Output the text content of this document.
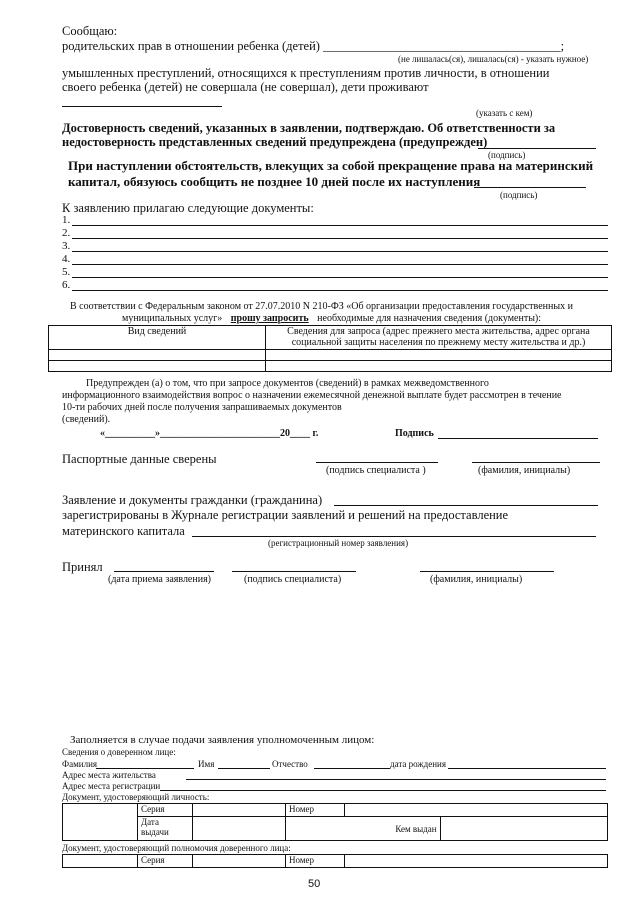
Сообщаю:
родительских прав в отношении ребенка (детей) ______________________________________;
(не лишалась(ся), лишалась(ся) - указать нужное)
умышленных преступлений, относящихся к преступлениям против личности, в отношении
своего ребенка (детей) не совершала (не совершал), дети проживают
(указать с кем)
Достоверность сведений, указанных в заявлении, подтверждаю. Об ответственности за
недостоверность представленных сведений предупреждена (предупрежден)
(подпись)
При наступлении обстоятельств, влекущих за собой прекращение права на материнский
капитал, обязуюсь сообщить не позднее 10 дней после их наступления
(подпись)
К заявлению прилагаю следующие документы:
1.
2.
3.
4.
5.
6.
В соответствии с Федеральным законом от 27.07.2010 N 210-ФЗ «Об организации предоставления государственных и
муниципальных услуг» прошу запросить необходимые для назначения сведения (документы):
Вид сведений	Сведения для запроса (адрес прежнего места жительства, адрес органа
социальной защиты населения по прежнему месту жительства и др.)

Предупрежден (а) о том, что при запросе документов (сведений) в рамках межведомственного
информационного взаимодействия вопрос о назначении ежемесячной денежной выплате будет рассмотрен в течение
10-ти рабочих дней после получения запрашиваемых документов
(сведений).
«__________»________________________20____ г.	Подпись
Паспортные данные сверены
(подпись специалиста )	(фамилия, инициалы)
Заявление и документы гражданки (гражданина)
зарегистрированы в Журнале регистрации заявлений и решений на предоставление
материнского капитала
(регистрационный номер заявления)
Принял
(дата приема заявления)	(подпись специалиста)	(фамилия, инициалы)
Заполняется в случае подачи заявления уполномоченным лицом:
Сведения о доверенном лице:
Фамилия	Имя	Отчество	дата рождения
Адрес места жительства
Адрес места регистрации
Документ, удостоверяющий личность:
	Серия		Номер		

	Дата
выдачи		Кем выдан		
Документ, удостоверяющий полномочия доверенного лица:
	Серия		Номер	
50
